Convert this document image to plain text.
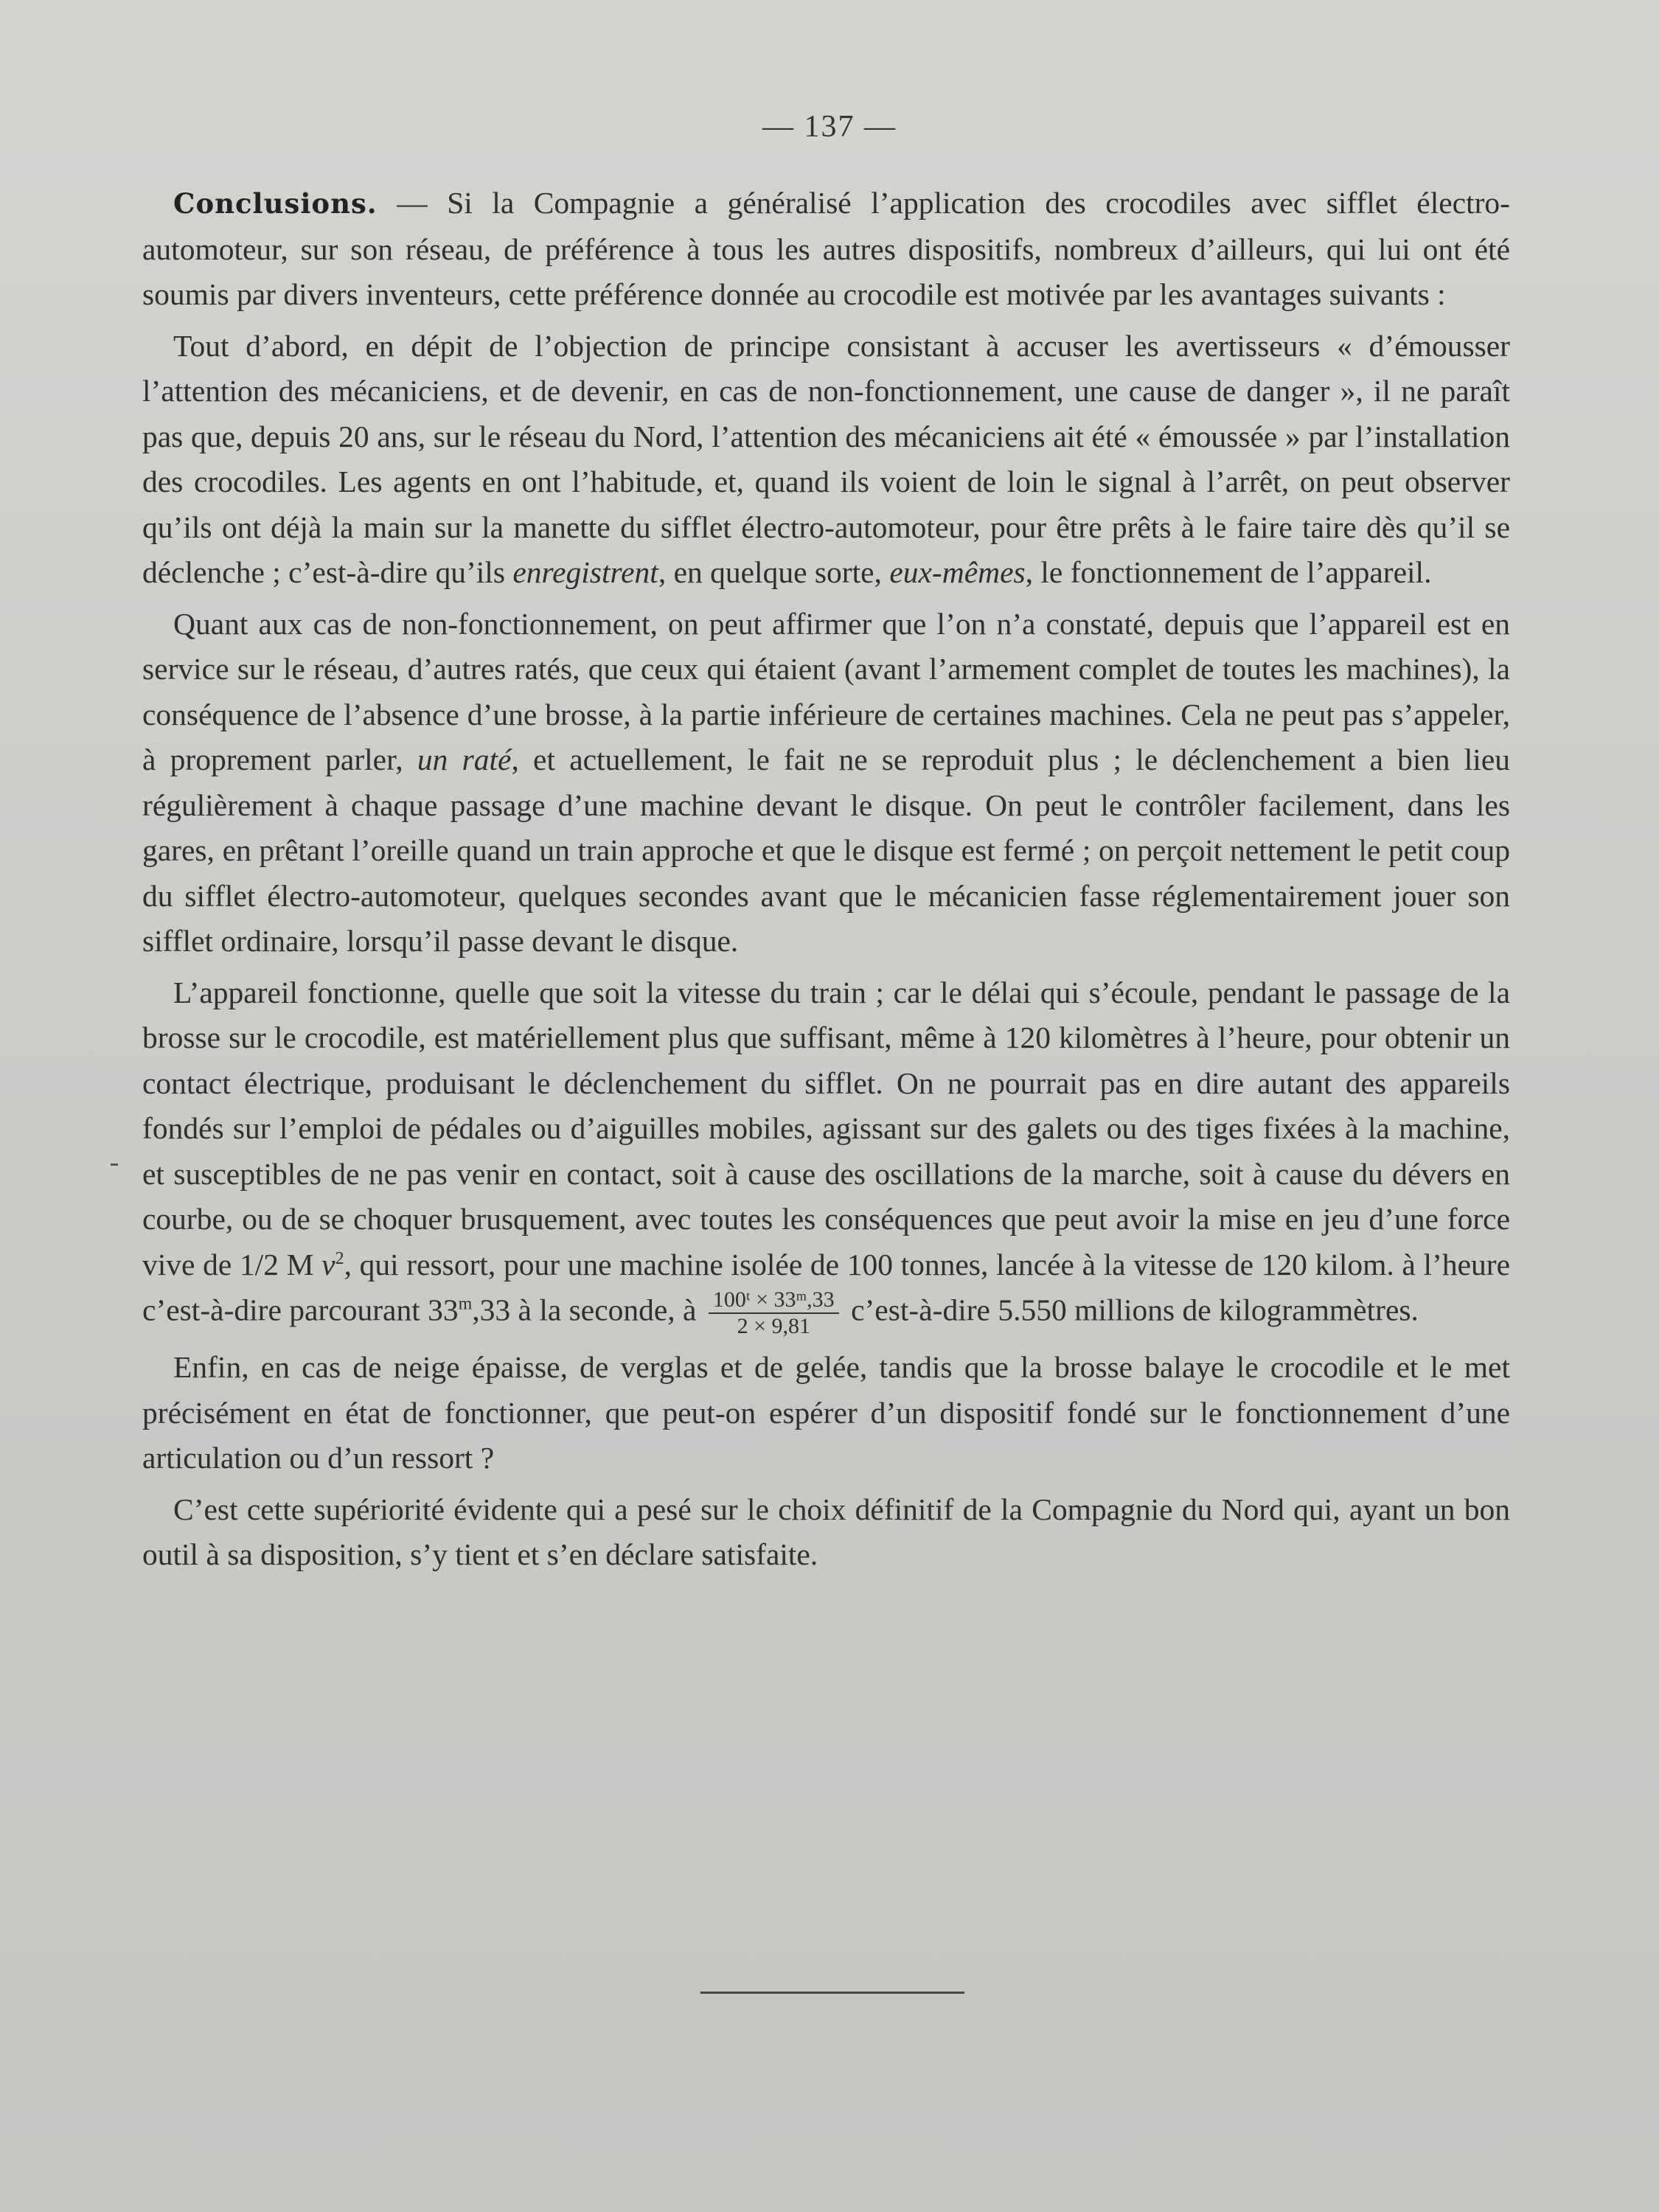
— 137 —

Conclusions. — Si la Compagnie a généralisé l’application des crocodiles avec sifflet électro-automoteur, sur son réseau, de préférence à tous les autres dispositifs, nombreux d’ailleurs, qui lui ont été soumis par divers inventeurs, cette préférence donnée au crocodile est motivée par les avantages suivants :

Tout d’abord, en dépit de l’objection de principe consistant à accuser les avertisseurs « d’émousser l’attention des mécaniciens, et de devenir, en cas de non-fonctionnement, une cause de danger », il ne paraît pas que, depuis 20 ans, sur le réseau du Nord, l’attention des mécaniciens ait été « émoussée » par l’installation des crocodiles. Les agents en ont l’habitude, et, quand ils voient de loin le signal à l’arrêt, on peut observer qu’ils ont déjà la main sur la manette du sifflet électro-automoteur, pour être prêts à le faire taire dès qu’il se déclenche ; c’est-à-dire qu’ils enregistrent, en quelque sorte, eux-mêmes, le fonctionnement de l’appareil.

Quant aux cas de non-fonctionnement, on peut affirmer que l’on n’a constaté, depuis que l’appareil est en service sur le réseau, d’autres ratés, que ceux qui étaient (avant l’armement complet de toutes les machines), la conséquence de l’absence d’une brosse, à la partie inférieure de certaines machines. Cela ne peut pas s’appeler, à proprement parler, un raté, et actuellement, le fait ne se reproduit plus ; le déclenchement a bien lieu régulièrement à chaque passage d’une machine devant le disque. On peut le contrôler facilement, dans les gares, en prêtant l’oreille quand un train approche et que le disque est fermé ; on perçoit nettement le petit coup du sifflet électro-automoteur, quelques secondes avant que le mécanicien fasse réglementairement jouer son sifflet ordinaire, lorsqu’il passe devant le disque.

L’appareil fonctionne, quelle que soit la vitesse du train ; car le délai qui s’écoule, pendant le passage de la brosse sur le crocodile, est matériellement plus que suffisant, même à 120 kilomètres à l’heure, pour obtenir un contact électrique, produisant le déclenchement du sifflet. On ne pourrait pas en dire autant des appareils fondés sur l’emploi de pédales ou d’aiguilles mobiles, agissant sur des galets ou des tiges fixées à la machine, et susceptibles de ne pas venir en contact, soit à cause des oscillations de la marche, soit à cause du dévers en courbe, ou de se choquer brusquement, avec toutes les conséquences que peut avoir la mise en jeu d’une force vive de 1/2 M $v^2$, qui ressort, pour une machine isolée de 100 tonnes, lancée à la vitesse de 120 kilom. à l’heure c’est-à-dire parcourant 33$^m$,33 à la seconde, à $\frac{\text{100ᵗ × 33ᵐ,33}}{2 \times 9,81}$ c’est-à-dire 5.550 millions de kilogrammètres.

Enfin, en cas de neige épaisse, de verglas et de gelée, tandis que la brosse balaye le crocodile et le met précisément en état de fonctionner, que peut-on espérer d’un dispositif fondé sur le fonctionnement d’une articulation ou d’un ressort ?

C’est cette supériorité évidente qui a pesé sur le choix définitif de la Compagnie du Nord qui, ayant un bon outil à sa disposition, s’y tient et s’en déclare satisfaite.
